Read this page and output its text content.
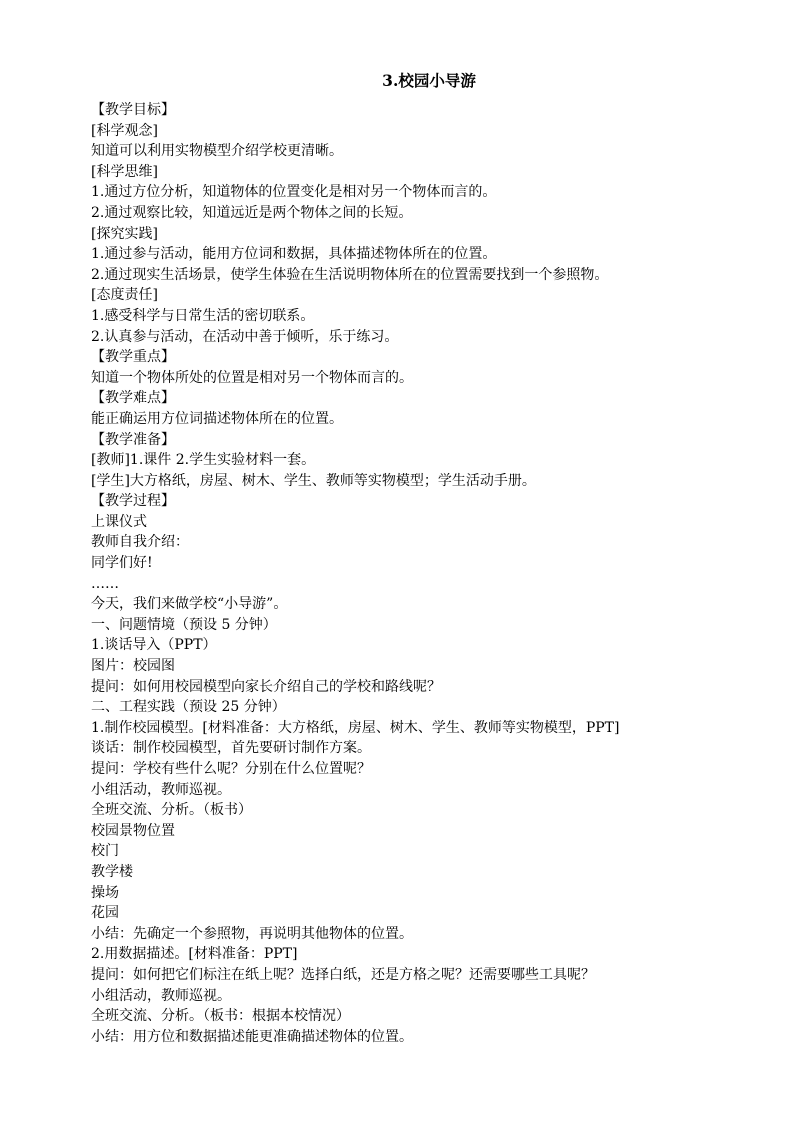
3.校园小导游
【教学目标】
[科学观念]
知道可以利用实物模型介绍学校更清晰。
[科学思维]
1.通过方位分析，知道物体的位置变化是相对另一个物体而言的。
2.通过观察比较，知道远近是两个物体之间的长短。
[探究实践]
1.通过参与活动，能用方位词和数据，具体描述物体所在的位置。
2.通过现实生活场景，使学生体验在生活说明物体所在的位置需要找到一个参照物。
[态度责任]
1.感受科学与日常生活的密切联系。
2.认真参与活动，在活动中善于倾听，乐于练习。
【教学重点】
知道一个物体所处的位置是相对另一个物体而言的。
【教学难点】
能正确运用方位词描述物体所在的位置。
【教学准备】
[教师]1.课件 2.学生实验材料一套。
[学生]大方格纸，房屋、树木、学生、教师等实物模型；学生活动手册。
【教学过程】
上课仪式
教师自我介绍：
同学们好!
……
今天，我们来做学校“小导游”。
一、问题情境（预设 5 分钟）
1.谈话导入（PPT）
图片：校园图
提问：如何用校园模型向家长介绍自己的学校和路线呢？
二、工程实践（预设 25 分钟）
1.制作校园模型。[材料准备：大方格纸，房屋、树木、学生、教师等实物模型，PPT]
谈话：制作校园模型，首先要研讨制作方案。
提问：学校有些什么呢？分别在什么位置呢？
小组活动，教师巡视。
全班交流、分析。（板书）
校园景物位置
校门
教学楼
操场
花园
小结：先确定一个参照物，再说明其他物体的位置。
2.用数据描述。[材料准备：PPT]
提问：如何把它们标注在纸上呢？选择白纸，还是方格之呢？还需要哪些工具呢？
小组活动，教师巡视。
全班交流、分析。（板书：根据本校情况）
小结：用方位和数据描述能更准确描述物体的位置。
